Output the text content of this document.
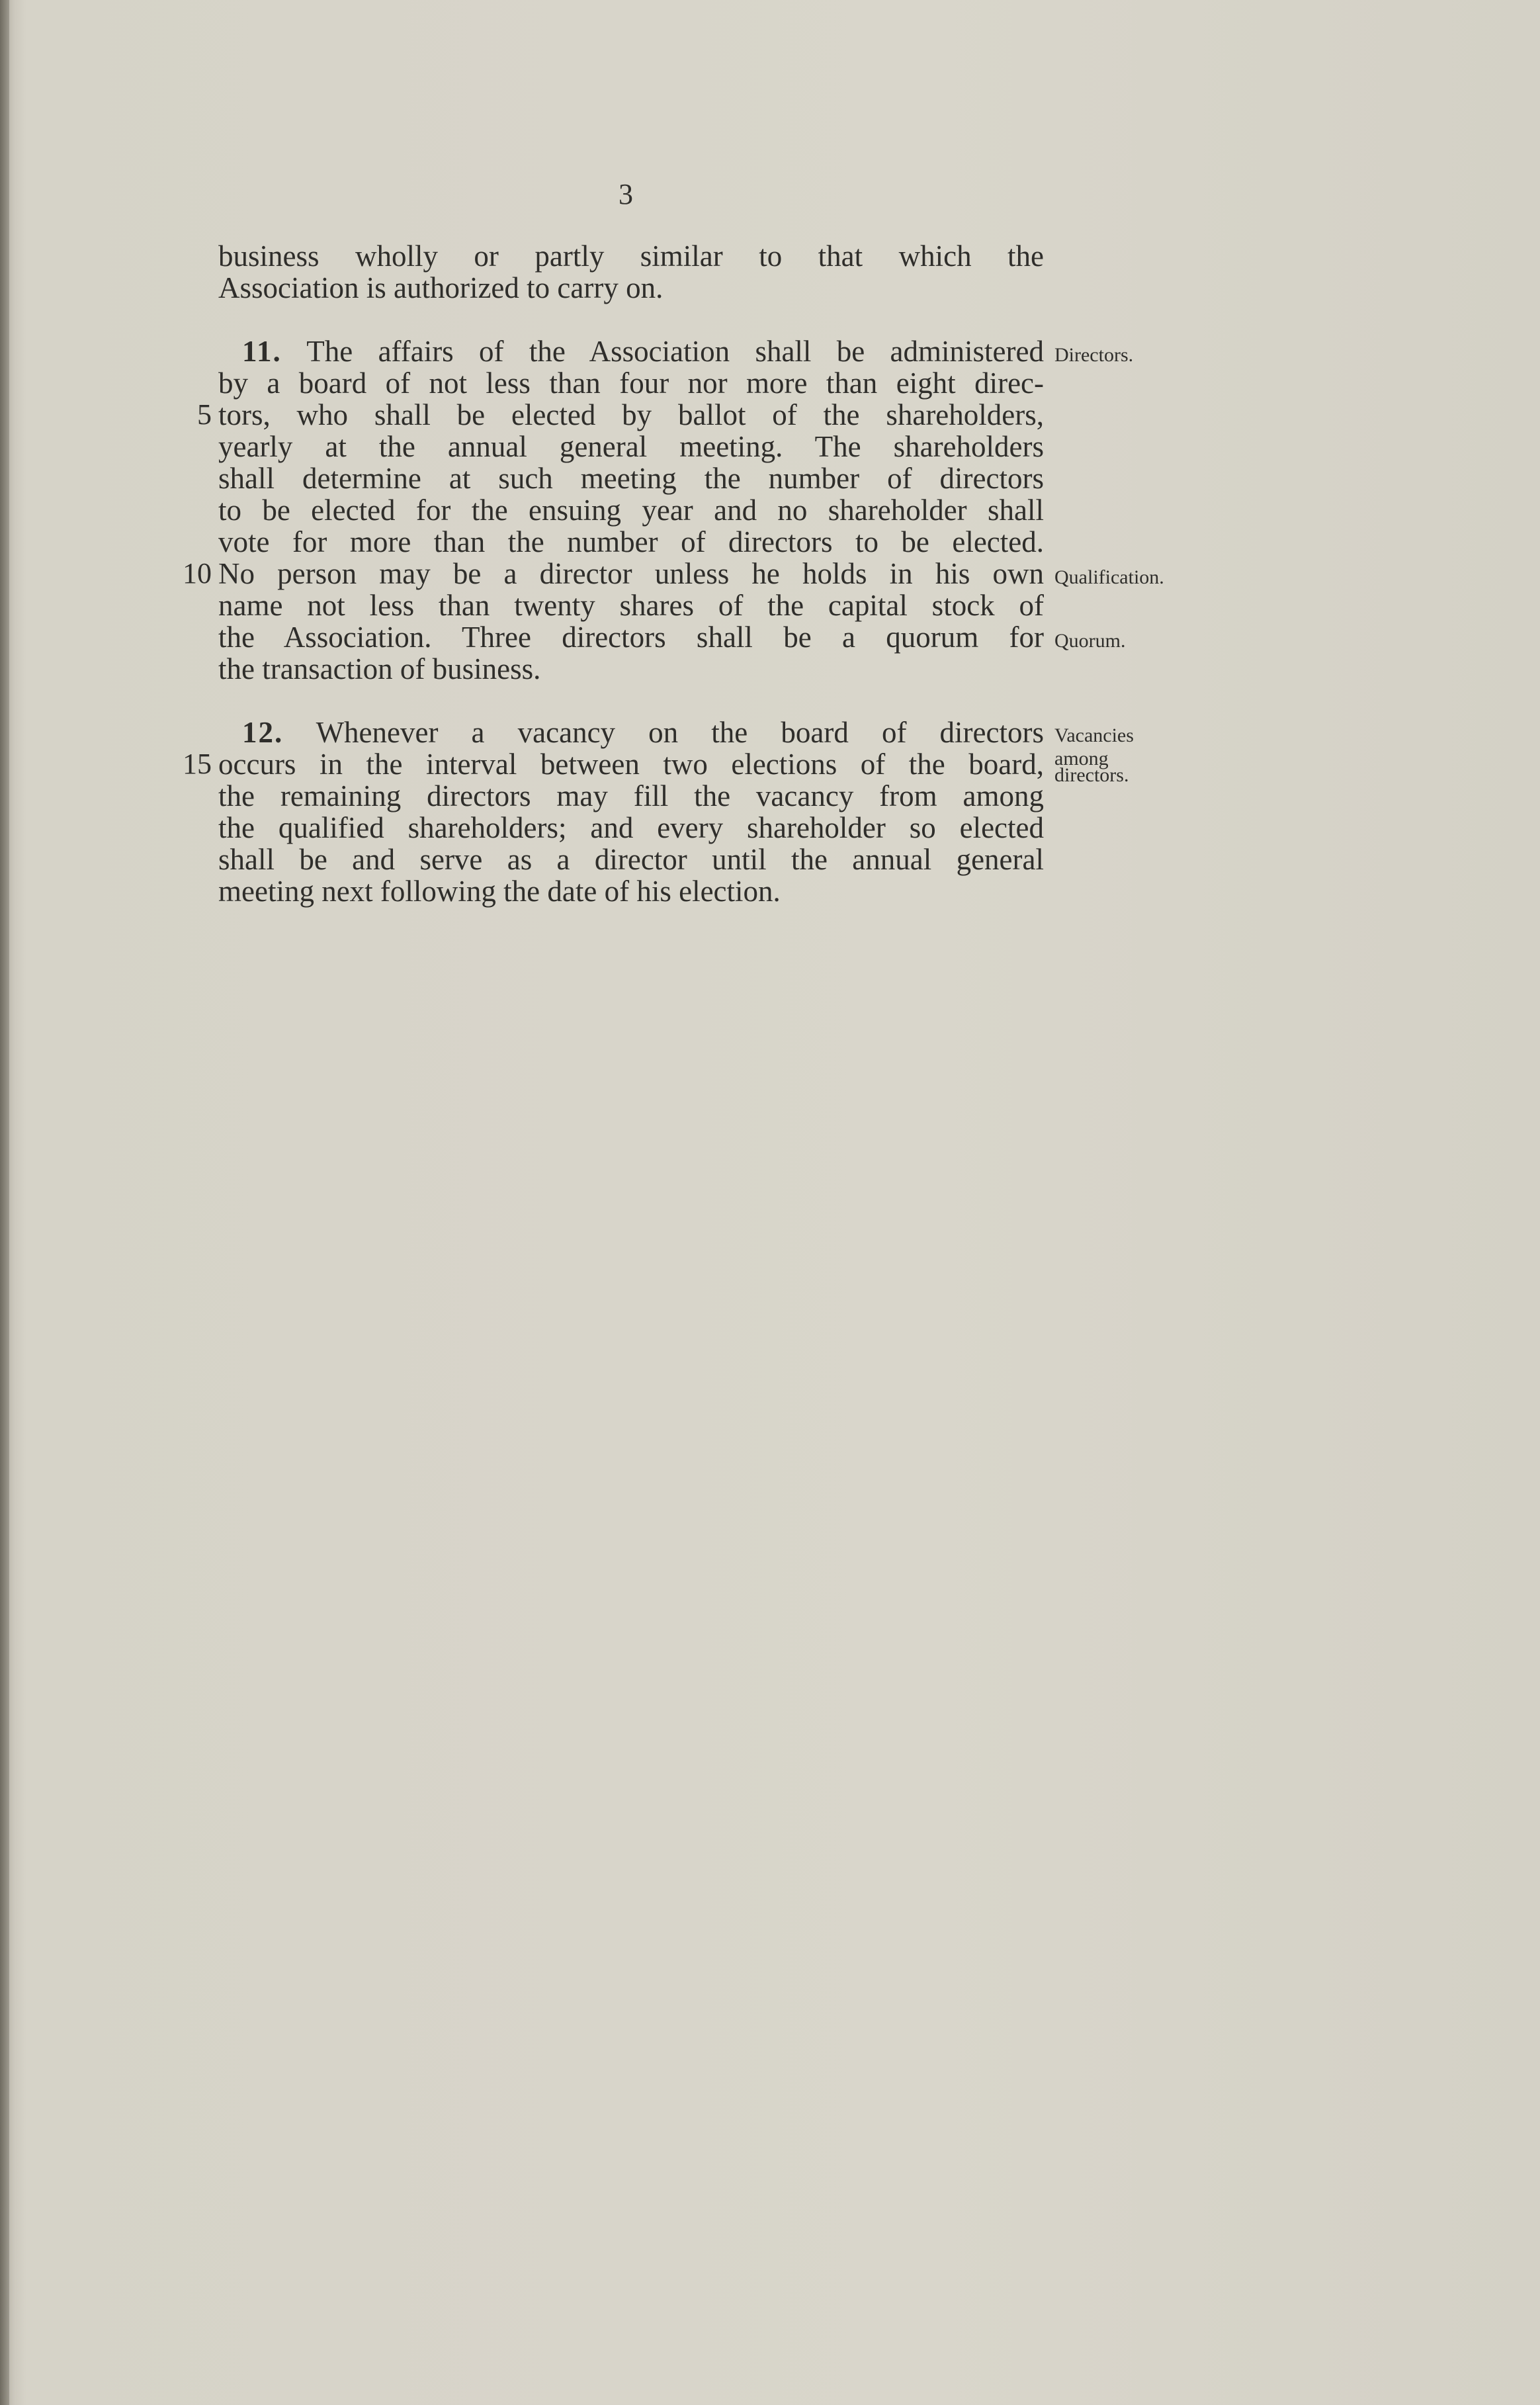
3
business wholly or partly similar to that which the
Association is authorized to carry on.
11. The affairs of the Association shall be administered
by a board of not less than four nor more than eight direc-
tors, who shall be elected by ballot of the shareholders,
yearly at the annual general meeting. The shareholders
shall determine at such meeting the number of directors
to be elected for the ensuing year and no shareholder shall
vote for more than the number of directors to be elected.
No person may be a director unless he holds in his own
name not less than twenty shares of the capital stock of
the Association. Three directors shall be a quorum for
the transaction of business.
12. Whenever a vacancy on the board of directors
occurs in the interval between two elections of the board,
the remaining directors may fill the vacancy from among
the qualified shareholders; and every shareholder so elected
shall be and serve as a director until the annual general
meeting next following the date of his election.
5
10
15
Directors.
Qualification.
Quorum.
Vacancies
among
directors.
